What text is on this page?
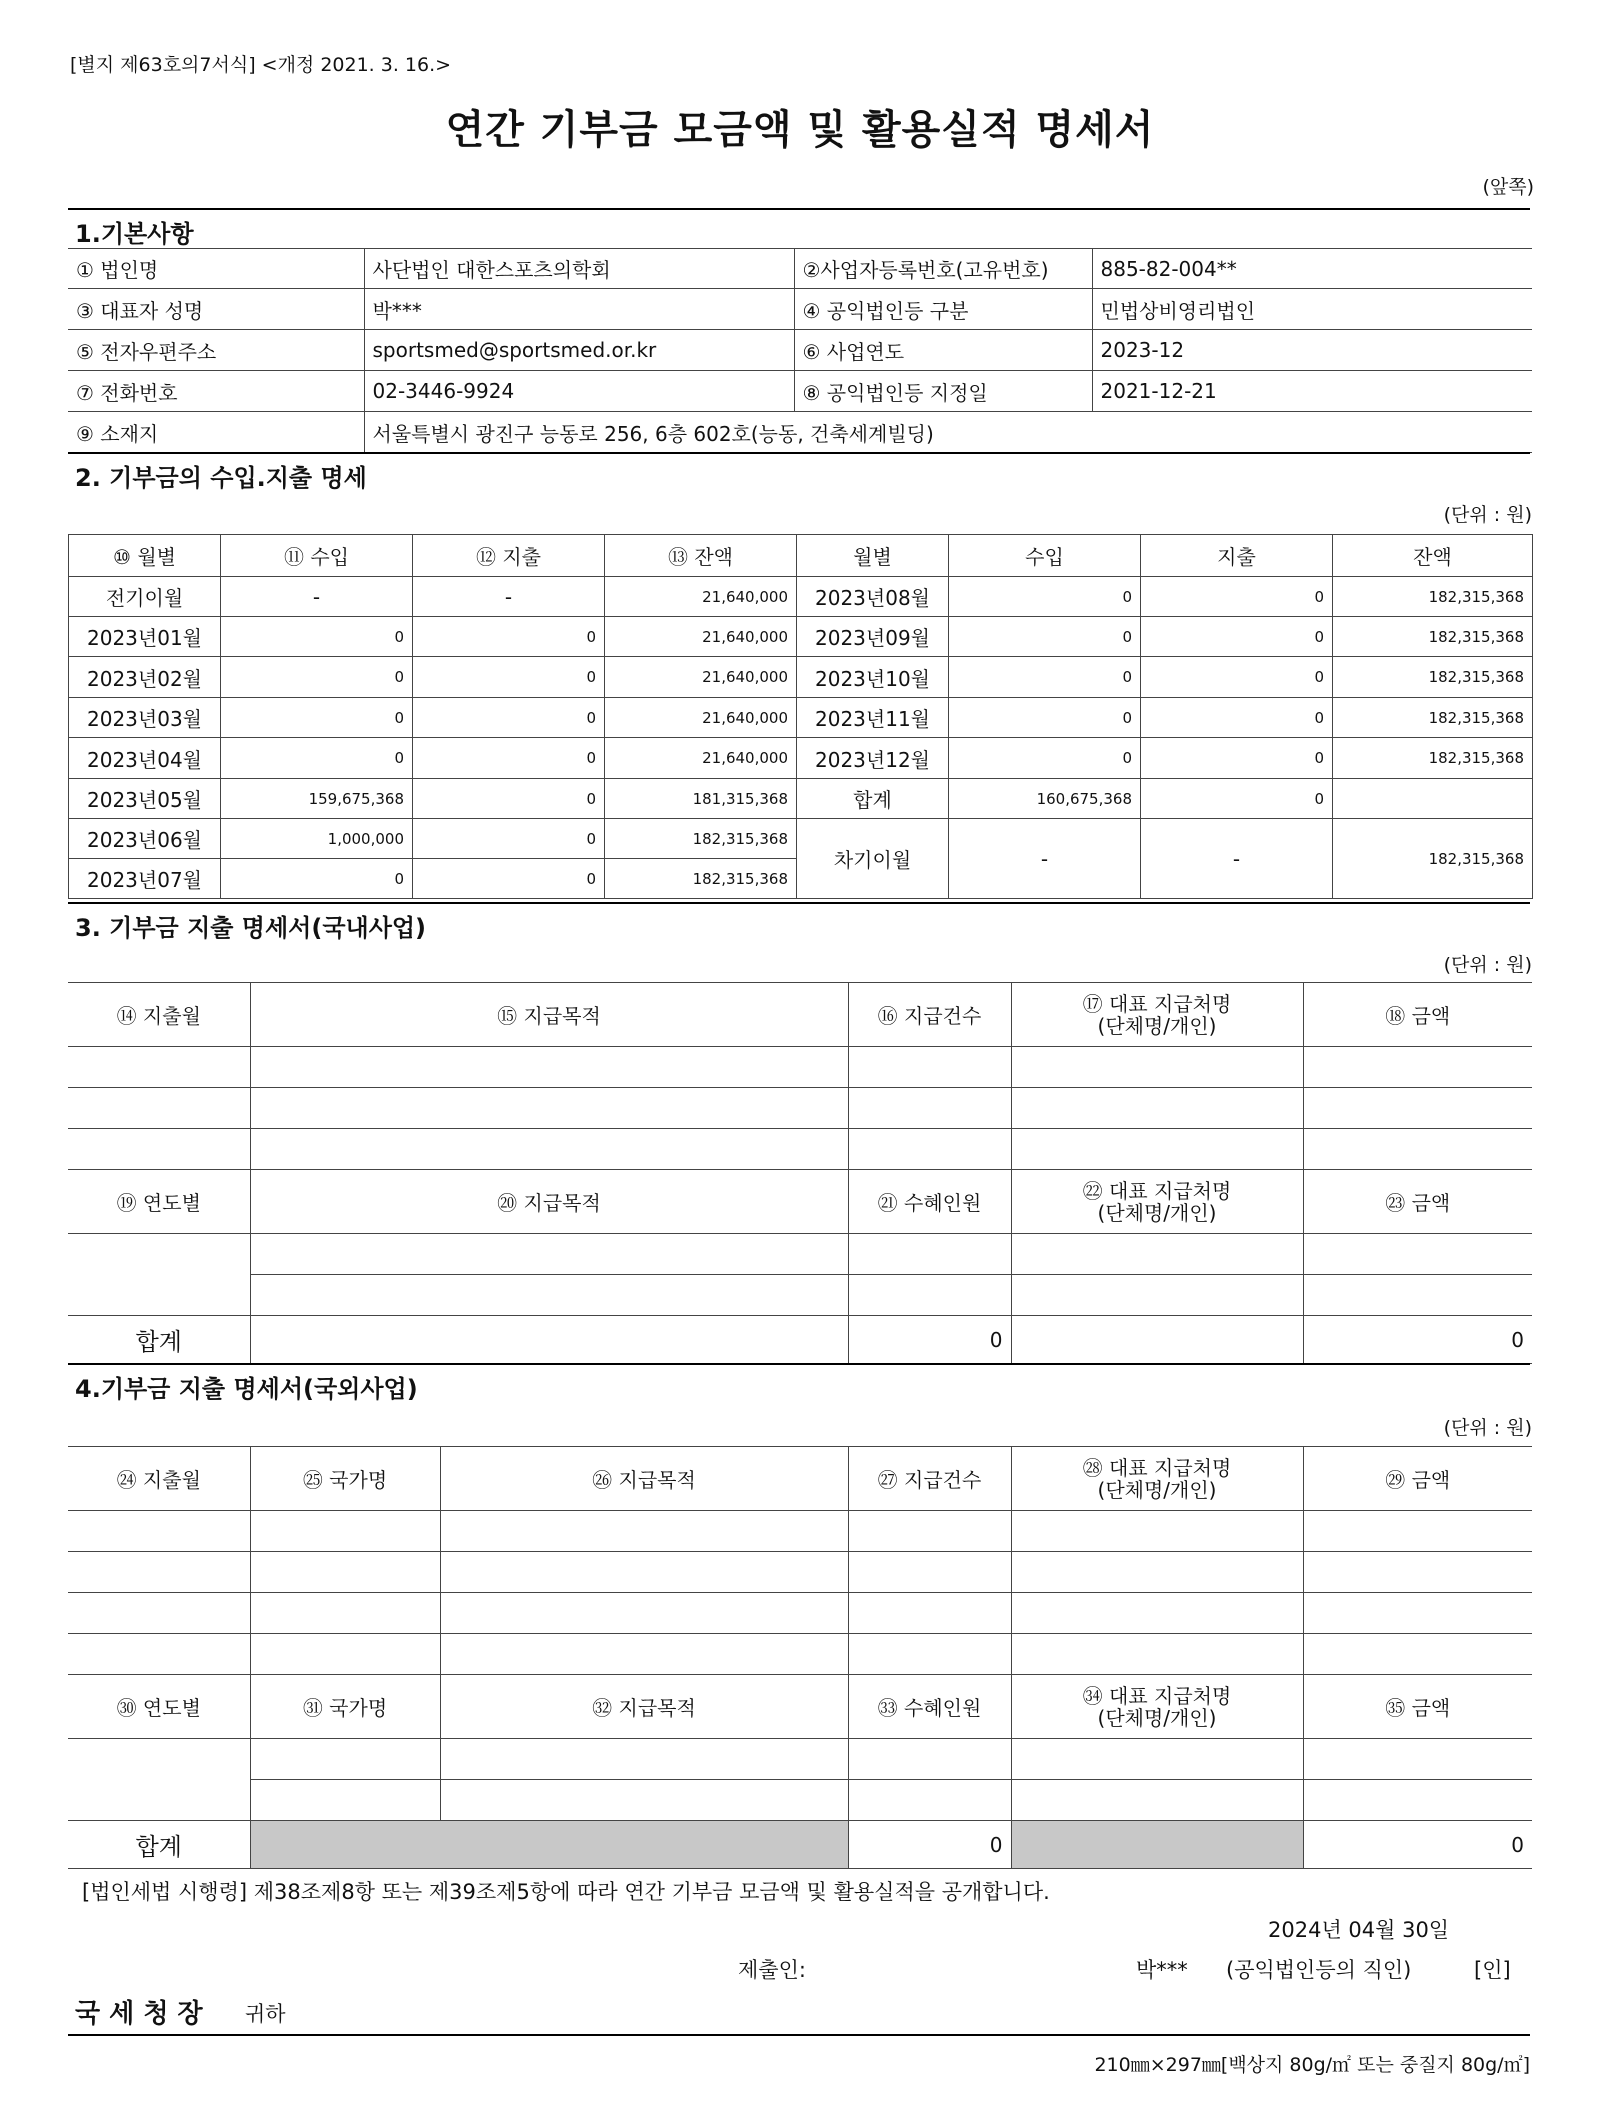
[별지 제63호의7서식] <개정 2021. 3. 16.>
연간 기부금 모금액 및 활용실적 명세서
(앞쪽)
1.기본사항
① 법인명	사단법인 대한스포츠의학회	②사업자등록번호(고유번호)	885-82-004**
③ 대표자 성명	박***	④ 공익법인등 구분	민법상비영리법인
⑤ 전자우편주소	sportsmed@sportsmed.or.kr	⑥ 사업연도	2023-12
⑦ 전화번호	02-3446-9924	⑧ 공익법인등 지정일	2021-12-21
⑨ 소재지	서울특별시 광진구 능동로 256, 6층 602호(능동, 건축세계빌딩)		
2. 기부금의 수입.지출 명세
(단위 : 원)
⑩ 월별	⑪ 수입	⑫ 지출	⑬ 잔액	월별	수입	지출	잔액
전기이월	-	-	21,640,000	2023년08월	0	0	182,315,368
2023년01월	0	0	21,640,000	2023년09월	0	0	182,315,368
2023년02월	0	0	21,640,000	2023년10월	0	0	182,315,368
2023년03월	0	0	21,640,000	2023년11월	0	0	182,315,368
2023년04월	0	0	21,640,000	2023년12월	0	0	182,315,368
2023년05월	159,675,368	0	181,315,368	합계	160,675,368	0	
2023년06월	1,000,000	0	182,315,368	차기이월	-	-	182,315,368
2023년07월	0	0	182,315,368				
3. 기부금 지출 명세서(국내사업)
(단위 : 원)
⑭ 지출월	⑮ 지급목적	⑯ 지급건수	⑰ 대표 지급처명
(단체명/개인)	⑱ 금액

⑲ 연도별	⑳ 지급목적	㉑ 수혜인원	㉒ 대표 지급처명
(단체명/개인)	㉓ 금액

합계		0		0
4.기부금 지출 명세서(국외사업)
(단위 : 원)
㉔ 지출월	㉕ 국가명	㉖ 지급목적	㉗ 지급건수	㉘ 대표 지급처명
(단체명/개인)	㉙ 금액

㉚ 연도별	㉛ 국가명	㉜ 지급목적	㉝ 수혜인원	㉞ 대표 지급처명
(단체명/개인)	㉟ 금액

합계			0		0
[법인세법 시행령] 제38조제8항 또는 제39조제5항에 따라 연간 기부금 모금액 및 활용실적을 공개합니다.
2024년 04월 30일
제출인:	박*** (공익법인등의 직인)	[인]
국 세 청 장 귀하
210㎜×297㎜[백상지 80g/㎡ 또는 중질지 80g/㎡]
